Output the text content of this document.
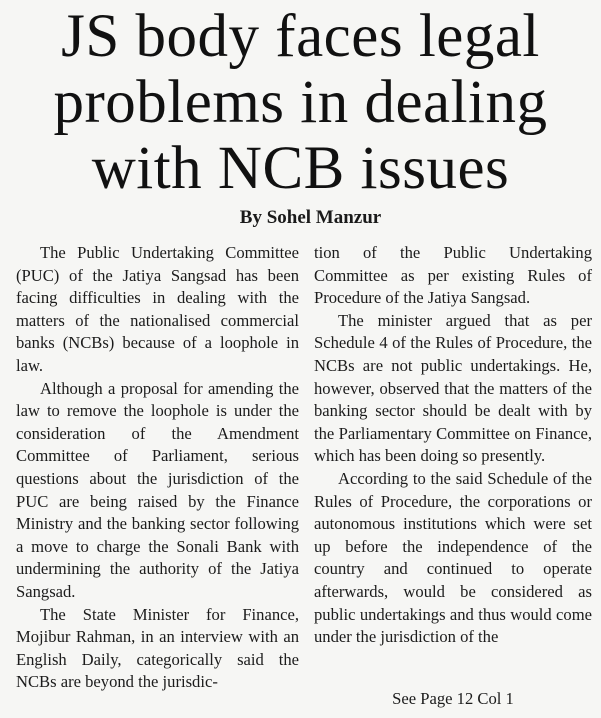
JS body faces legal problems in dealing with NCB issues
By Sohel Manzur

The Public Undertaking Committee (PUC) of the Jatiya Sangsad has been facing difficulties in dealing with the matters of the nationalised commercial banks (NCBs) because of a loophole in law.

Although a proposal for amending the law to remove the loophole is under the consideration of the Amendment Committee of Parliament, serious questions about the jurisdiction of the PUC are being raised by the Finance Ministry and the banking sector following a move to charge the Sonali Bank with undermining the authority of the Jatiya Sangsad.

The State Minister for Finance, Mojibur Rahman, in an interview with an English Daily, categorically said the NCBs are beyond the jurisdic-

tion of the Public Undertaking Committee as per existing Rules of Procedure of the Jatiya Sangsad.

The minister argued that as per Schedule 4 of the Rules of Procedure, the NCBs are not public undertakings. He, however, observed that the matters of the banking sector should be dealt with by the Parliamentary Committee on Finance, which has been doing so presently.

According to the said Schedule of the Rules of Procedure, the corporations or autonomous institutions which were set up before the independence of the country and continued to operate afterwards, would be considered as public undertakings and thus would come under the jurisdiction of the

See Page 12 Col 1
